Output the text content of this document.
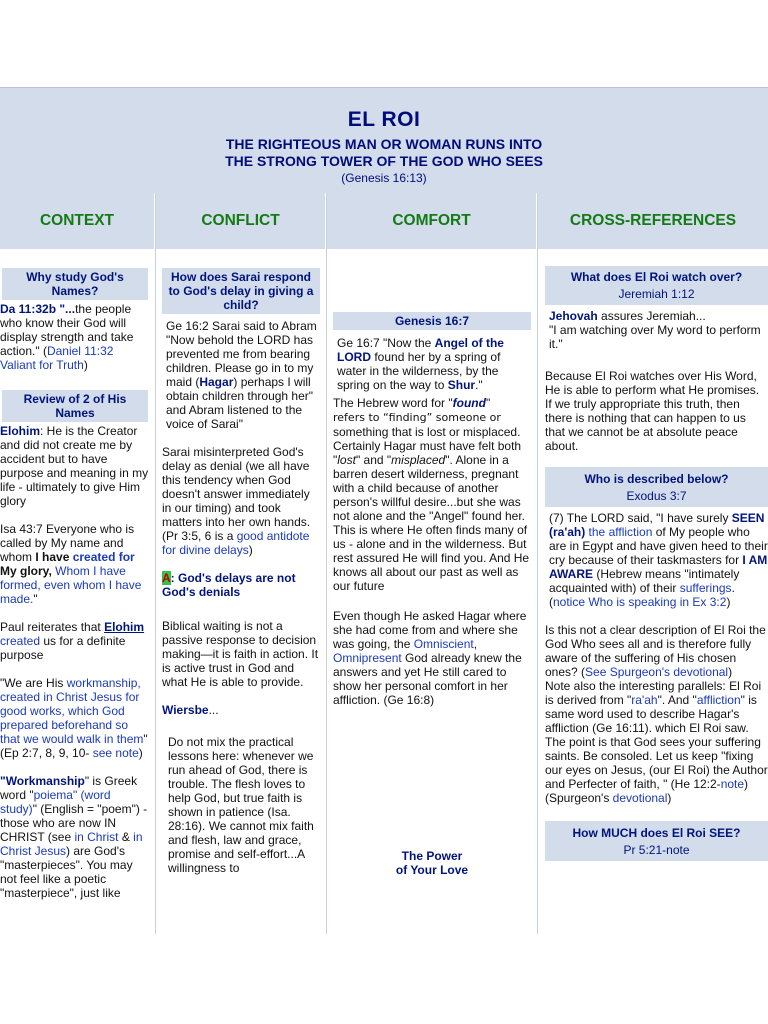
EL ROI
THE RIGHTEOUS MAN OR WOMAN RUNS INTO
THE STRONG TOWER OF THE GOD WHO SEES
(Genesis 16:13)
CONTEXT	CONFLICT	COMFORT	CROSS-REFERENCES
Why study God's Names?

Da 11:32b "...the people who know their God will display strength and take action." (Daniel 11:32 Valiant for Truth)

Review of 2 of His Names

Elohim: He is the Creator and did not create me by accident but to have purpose and meaning in my life - ultimately to give Him glory

Isa 43:7 Everyone who is called by My name and whom I have created for My glory, Whom I have formed, even whom I have made."

Paul reiterates that Elohim created us for a definite purpose

"We are His workmanship, created in Christ Jesus for good works, which God prepared beforehand so that we would walk in them" (Ep 2:7, 8, 9, 10- see note)

"Workmanship" is Greek word "poiema" (word study)" (English = "poem") - those who are now IN CHRIST (see in Christ & in Christ Jesus) are God's "masterpieces". You may not feel like a poetic "masterpiece", just like

How does Sarai respond to God's delay in giving a child?

Ge 16:2 Sarai said to Abram "Now behold the LORD has prevented me from bearing children. Please go in to my maid (Hagar) perhaps I will obtain children through her" and Abram listened to the voice of Sarai"

Sarai misinterpreted God's delay as denial (we all have this tendency when God doesn't answer immediately in our timing) and took matters into her own hands. (Pr 3:5, 6 is a good antidote for divine delays)

A: God's delays are not God's denials

Biblical waiting is not a passive response to decision making—it is faith in action. It is active trust in God and what He is able to provide.

Wiersbe...

Do not mix the practical lessons here: whenever we run ahead of God, there is trouble. The flesh loves to help God, but true faith is shown in patience (Isa. 28:16). We cannot mix faith and flesh, law and grace, promise and self-effort...A willingness to

Genesis 16:7

Ge 16:7 "Now the Angel of the LORD found her by a spring of water in the wilderness, by the spring on the way to Shur."

The Hebrew word for "found"
refers to “finding” someone or
something that is lost or misplaced. Certainly Hagar must have felt both "lost" and "misplaced". Alone in a barren desert wilderness, pregnant with a child because of another person's willful desire...but she was not alone and the "Angel" found her. This is where He often finds many of us - alone and in the wilderness. But rest assured He will find you. And He knows all about our past as well as our future

Even though He asked Hagar where she had come from and where she was going, the Omniscient, Omnipresent God already knew the answers and yet He still cared to show her personal comfort in her affliction. (Ge 16:8)

The Power
of Your Love
What does El Roi watch over?
Jeremiah 1:12

Jehovah assures Jeremiah...
"I am watching over My word to perform it."

Because El Roi watches over His Word, He is able to perform what He promises. If we truly appropriate this truth, then there is nothing that can happen to us that we cannot be at absolute peace about.

Who is described below?
Exodus 3:7

(7) The LORD said, "I have surely SEEN (ra'ah) the affliction of My people who are in Egypt and have given heed to their cry because of their taskmasters for I AM AWARE (Hebrew means "intimately acquainted with) of their sufferings. (notice Who is speaking in Ex 3:2)

Is this not a clear description of El Roi the God Who sees all and is therefore fully aware of the suffering of His chosen ones? (See Spurgeon's devotional)

Note also the interesting parallels: El Roi is derived from "ra'ah". And "affliction" is same word used to describe Hagar's affliction (Ge 16:11). which El Roi saw. The point is that God sees your suffering saints. Be consoled. Let us keep "fixing our eyes on Jesus, (our El Roi) the Author and Perfecter of faith, " (He 12:2-note) (Spurgeon's devotional)

How MUCH does El Roi SEE?
Pr 5:21-note
